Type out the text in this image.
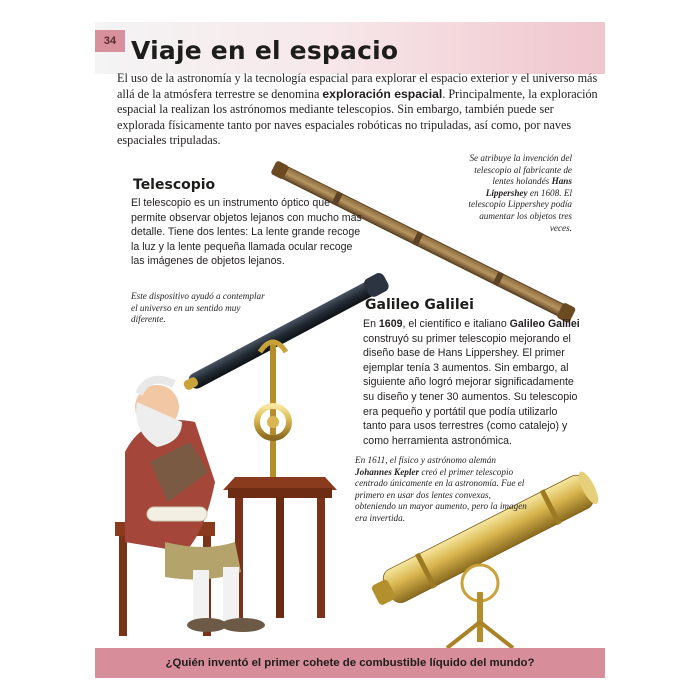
34 Viaje en el espacio
El uso de la astronomía y la tecnología espacial para explorar el espacio exterior y el universo más allá de la atmósfera terrestre se denomina exploración espacial. Principalmente, la exploración espacial la realizan los astrónomos mediante telescopios. Sin embargo, también puede ser explorada físicamente tanto por naves espaciales robóticas no tripuladas, así como, por naves espaciales tripuladas.
Telescopio
El telescopio es un instrumento óptico que permite observar objetos lejanos con mucho más detalle. Tiene dos lentes: La lente grande recoge la luz y la lente pequeña llamada ocular recoge las imágenes de objetos lejanos.
Se atribuye la invención del telescopio al fabricante de lentes holandés Hans Lippershey en 1608. El telescopio Lippershey podía aumentar los objetos tres veces.
Este dispositivo ayudó a contemplar el universo en un sentido muy diferente.
Galileo Galilei
En 1609, el científico e italiano Galileo Galilei construyó su primer telescopio mejorando el diseño base de Hans Lippershey. El primer ejemplar tenía 3 aumentos. Sin embargo, al siguiente año logró mejorar significadamente su diseño y tener 30 aumentos. Su telescopio era pequeño y portátil que podía utilizarlo tanto para usos terrestres (como catalejo) y como herramienta astronómica.
En 1611, el físico y astrónomo alemán Johannes Kepler creó el primer telescopio centrado únicamente en la astronomía. Fue el primero en usar dos lentes convexas, obteniendo un mayor aumento, pero la imagen era invertida.
¿Quién inventó el primer cohete de combustible líquido del mundo?
